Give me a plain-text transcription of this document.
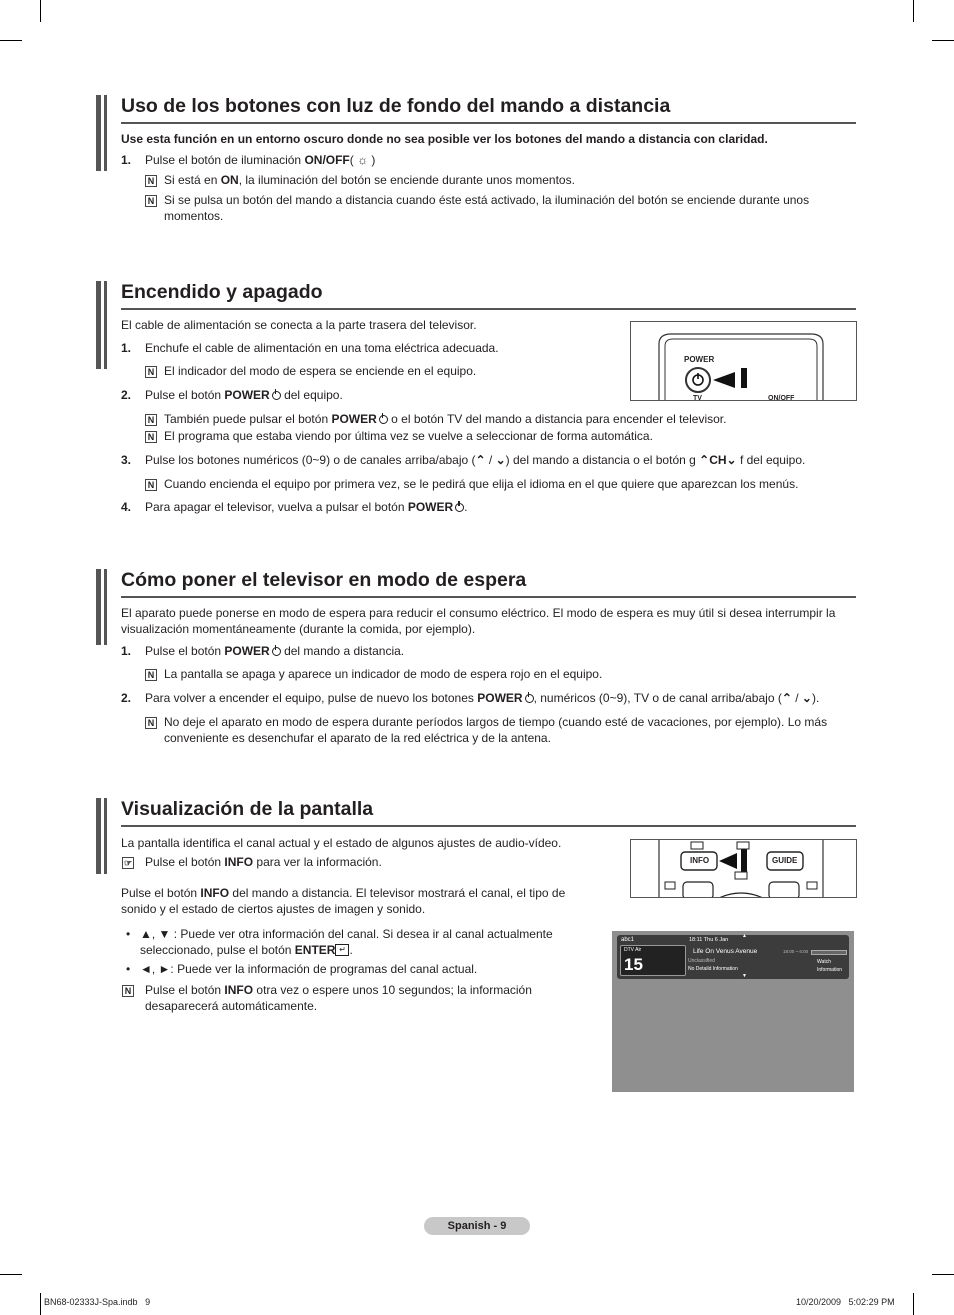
Uso de los botones con luz de fondo del mando a distancia
Use esta función en un entorno oscuro donde no sea posible ver los botones del mando a distancia con claridad.
1. Pulse el botón de iluminación ON/OFF( ☼ )
N Si está en ON, la iluminación del botón se enciende durante unos momentos.
N Si se pulsa un botón del mando a distancia cuando éste está activado, la iluminación del botón se enciende durante unos momentos.
Encendido y apagado
El cable de alimentación se conecta a la parte trasera del televisor.
1. Enchufe el cable de alimentación en una toma eléctrica adecuada.
N El indicador del modo de espera se enciende en el equipo.
2. Pulse el botón POWER del equipo.
N También puede pulsar el botón POWER o el botón TV del mando a distancia para encender el televisor.
N El programa que estaba viendo por última vez se vuelve a seleccionar de forma automática.
3. Pulse los botones numéricos (0~9) o de canales arriba/abajo (⌃ / ⌄) del mando a distancia o el botón g ⌃CH⌄ f del equipo.
N Cuando encienda el equipo por primera vez, se le pedirá que elija el idioma en el que quiere que aparezcan los menús.
4. Para apagar el televisor, vuelva a pulsar el botón POWER .
POWER
TV	ON/OFF
Cómo poner el televisor en modo de espera
El aparato puede ponerse en modo de espera para reducir el consumo eléctrico. El modo de espera es muy útil si desea interrumpir la visualización momentáneamente (durante la comida, por ejemplo).
1. Pulse el botón POWER del mando a distancia.
N La pantalla se apaga y aparece un indicador de modo de espera rojo en el equipo.
2. Para volver a encender el equipo, pulse de nuevo los botones POWER , numéricos (0~9), TV o de canal arriba/abajo (⌃ / ⌄).
N No deje el aparato en modo de espera durante períodos largos de tiempo (cuando esté de vacaciones, por ejemplo). Lo más conveniente es desenchufar el aparato de la red eléctrica y de la antena.
Visualización de la pantalla
La pantalla identifica el canal actual y el estado de algunos ajustes de audio-vídeo.
☞ Pulse el botón INFO para ver la información.
Pulse el botón INFO del mando a distancia. El televisor mostrará el canal, el tipo de sonido y el estado de ciertos ajustes de imagen y sonido.
• ▲, ▼ : Puede ver otra información del canal. Si desea ir al canal actualmente seleccionado, pulse el botón ENTER ↵ .
• ◄, ►: Puede ver la información de programas del canal actual.
N Pulse el botón INFO otra vez o espere unos 10 segundos; la información desaparecerá automáticamente.
INFO	GUIDE
abc1
DTV Air
15
18:11 Thu 6 Jan
▲
Life On Venus Avenue
Unclassified
No Detaild Information
▼
18:00 ~ 6:00
Watch
Information
Spanish - 9
BN68-02333J-Spa.indb   9	10/20/2009   5:02:29 PM
